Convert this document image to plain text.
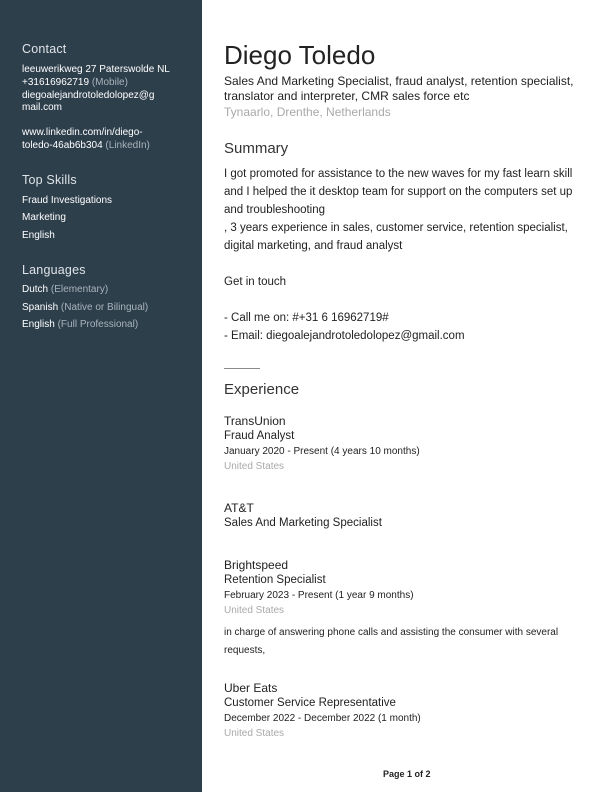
Contact
leeuwerikweg 27 Paterswolde NL
+31616962719 (Mobile)
diegoalejandrotoledolopez@g
mail.com
www.linkedin.com/in/diego-
toledo-46ab6b304 (LinkedIn)
Top Skills
Fraud Investigations
Marketing
English
Languages
Dutch (Elementary)
Spanish (Native or Bilingual)
English (Full Professional)
Diego Toledo
Sales And Marketing Specialist, fraud analyst, retention specialist,
translator and interpreter, CMR sales force etc
Tynaarlo, Drenthe, Netherlands
Summary
I got promoted for assistance to the new waves for my fast learn skill
and I helped the it desktop team for support on the computers set up
and troubleshooting
, 3 years experience in sales, customer service, retention specialist,
digital marketing, and fraud analyst
Get in touch
- Call me on: #+31 6 16962719#
- Email: diegoalejandrotoledolopez@gmail.com
Experience
TransUnion
Fraud Analyst
January 2020 - Present (4 years 10 months)
United States
AT&T
Sales And Marketing Specialist
Brightspeed
Retention Specialist
February 2023 - Present (1 year 9 months)
United States
in charge of answering phone calls and assisting the consumer with several
requests,
Uber Eats
Customer Service Representative
December 2022 - December 2022 (1 month)
United States
Page 1 of 2
